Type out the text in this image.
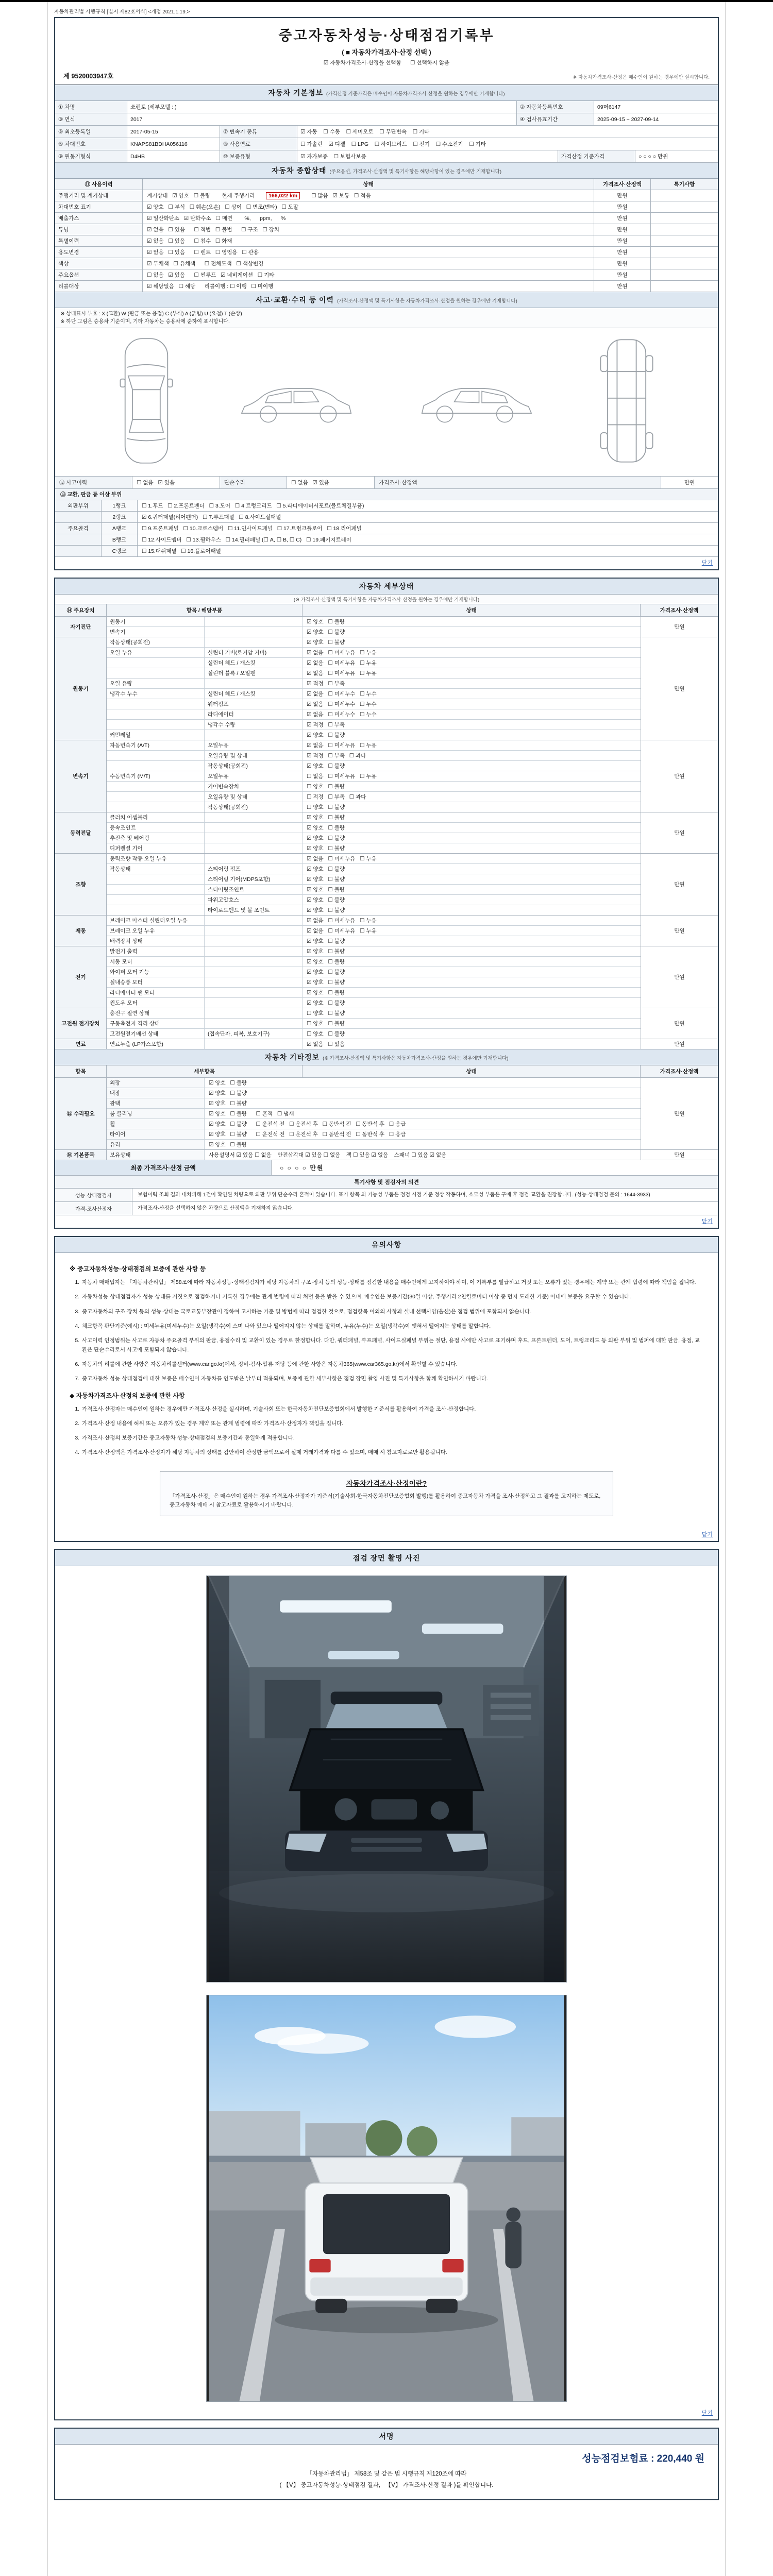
자동차관리법 시행규칙 [별지 제82호서식] <개정 2021.1.19.>
중고자동차성능·상태점검기록부
( ■ 자동차가격조사·산정 선택 )
☑ 자동차가격조사·산정을 선택함      ☐ 선택하지 않음
제 9520003947호	※ 자동차가격조사·산정은 매수인이 원하는 경우에만 실시합니다.
자동차 기본정보 (가격산정 기준가격은 매수인이 자동차가격조사·산정을 원하는 경우에만 기재합니다)
① 차명	쏘렌토 (세부모델 : )	② 자동차등록번호	09머6147
③ 연식	2017	④ 검사유효기간	2025-09-15 ~ 2027-09-14
⑤ 최초등록일	2017-05-15	⑦ 변속기 종류	☑ 자동    ☐ 수동    ☐ 세미오토    ☐ 무단변속    ☐ 기타
⑥ 차대번호	KNAPS81BDHA056116	⑧ 사용연료	☐ 가솔린    ☑ 디젤    ☐ LPG    ☐ 하이브리드    ☐ 전기    ☐ 수소전기    ☐ 기타
⑨ 원동기형식	D4HB	⑩ 보증유형	☑ 자가보증    ☐ 보험사보증	가격산정 기준가격	○ ○ ○ ○ 만원
자동차 종합상태 (주요옵션, 가격조사·산정액 및 특기사항은 해당사항이 있는 경우에만 기재합니다)
⑪ 사용이력	상태	가격조사·산정액	특기사항
주행거리 및 계기상태	계기상태   ☑ 양호   ☐ 불량 현재 주행거리	166,022 km	☐ 많음   ☑ 보통   ☐ 적음	만원
차대번호 표기	☑ 양호   ☐ 부식   ☐ 훼손(오손)   ☐ 상이   ☐ 변조(변타)   ☐ 도말	만원
배출가스	☑ 일산화탄소   ☑ 탄화수소   ☐ 매연        %,      ppm,      %	만원
튜닝	☑ 없음   ☐ 있음      ☐ 적법   ☐ 불법      ☐ 구조   ☐ 장치	만원
특별이력	☑ 없음   ☐ 있음      ☐ 침수   ☐ 화재	만원
용도변경	☑ 없음   ☐ 있음      ☐ 렌트   ☐ 영업용   ☐ 관용	만원
색상	☑ 무채색   ☐ 유채색      ☐ 전체도색   ☐ 색상변경	만원
주요옵션	☐ 없음   ☑ 있음      ☐ 썬루프   ☑ 네비게이션   ☐ 기타	만원
리콜대상	☑ 해당없음   ☐ 해당      리콜이행 : ☐ 이행   ☐ 미이행	만원
사고·교환·수리 등 이력 (가격조사·산정액 및 특기사항은 자동차가격조사·산정을 원하는 경우에만 기재합니다)
※ 상태표시 부호 : X (교환) W (판금 또는 용접) C (부식) A (긁힘) U (요철) T (손상)
※ 하단 그림은 승용차 기준이며, 기타 자동차는 승용차에 준하여 표시합니다.
⑫ 사고이력	☐ 없음   ☑ 있음	단순수리	☐ 없음   ☑ 있음	가격조사·산정액	만원
⑬ 교환, 판금 등 이상 부위
외판부위	1랭크	☐ 1.후드   ☐ 2.프론트펜더   ☐ 3.도어   ☐ 4.트렁크리드   ☐ 5.라디에이터서포트(볼트체결부품)
2랭크	☑ 6.쿼터패널(리어펜더)   ☐ 7.루프패널   ☐ 8.사이드실패널
주요골격	A랭크	☐ 9.프론트패널   ☐ 10.크로스멤버   ☐ 11.인사이드패널   ☐ 17.트렁크플로어   ☐ 18.리어패널
B랭크	☐ 12.사이드멤버   ☐ 13.휠하우스   ☐ 14.필러패널 (☐ A, ☐ B, ☐ C)   ☐ 19.패키지트레이
C랭크	☐ 15.대쉬패널   ☐ 16.플로어패널
닫기
자동차 세부상태
(※ 가격조사·산정액 및 특기사항은 자동차가격조사·산정을 원하는 경우에만 기재합니다)
⑭ 주요장치	항목 / 해당부품	상태	가격조사·산정액
자기진단
원동기	☑ 양호   ☐ 불량
변속기	☑ 양호   ☐ 불량
만원
원동기
작동상태(공회전)	☑ 양호   ☐ 불량
오일 누유	실린더 커버(로커암 커버)	☑ 없음   ☐ 미세누유   ☐ 누유
실린더 헤드 / 개스킷	☑ 없음   ☐ 미세누유   ☐ 누유
실린더 블록 / 오일팬	☑ 없음   ☐ 미세누유   ☐ 누유
오일 유량	☑ 적정   ☐ 부족
냉각수 누수	실린더 헤드 / 개스킷	☑ 없음   ☐ 미세누수   ☐ 누수
워터펌프	☑ 없음   ☐ 미세누수   ☐ 누수
라디에이터	☑ 없음   ☐ 미세누수   ☐ 누수
냉각수 수량	☑ 적정   ☐ 부족
커먼레일	☑ 양호   ☐ 불량
만원
변속기
자동변속기 (A/T)	오일누유	☑ 없음   ☐ 미세누유   ☐ 누유
오일유량 및 상태	☑ 적정   ☐ 부족   ☐ 과다
작동상태(공회전)	☑ 양호   ☐ 불량
수동변속기 (M/T)	오일누유	☐ 없음   ☐ 미세누유   ☐ 누유
기어변속장치	☐ 양호   ☐ 불량
오일유량 및 상태	☐ 적정   ☐ 부족   ☐ 과다
작동상태(공회전)	☐ 양호   ☐ 불량
만원
동력전달
클러치 어셈블리	☑ 양호   ☐ 불량
등속조인트	☑ 양호   ☐ 불량
추진축 및 베어링	☑ 양호   ☐ 불량
디퍼렌셜 기어	☑ 양호   ☐ 불량
만원
조향
동력조향 작동 오일 누유	☑ 없음   ☐ 미세누유   ☐ 누유
작동상태	스티어링 펌프	☑ 양호   ☐ 불량
스티어링 기어(MDPS포함)	☑ 양호   ☐ 불량
스티어링조인트	☑ 양호   ☐ 불량
파워고압호스	☑ 양호   ☐ 불량
타이로드엔드 및 볼 조인트	☑ 양호   ☐ 불량
만원
제동
브레이크 마스터 실린더오일 누유	☑ 없음   ☐ 미세누유   ☐ 누유
브레이크 오일 누유	☑ 없음   ☐ 미세누유   ☐ 누유
배력장치 상태	☑ 양호   ☐ 불량
만원
전기
발전기 출력	☑ 양호   ☐ 불량
시동 모터	☑ 양호   ☐ 불량
와이퍼 모터 기능	☑ 양호   ☐ 불량
실내송풍 모터	☑ 양호   ☐ 불량
라디에이터 팬 모터	☑ 양호   ☐ 불량
윈도우 모터	☑ 양호   ☐ 불량
만원
고전원 전기장치
충전구 절연 상태	☐ 양호   ☐ 불량
구동축전지 격리 상태	☐ 양호   ☐ 불량
고전원전기배선 상태	(접속단자, 피복, 보호기구)	☐ 양호   ☐ 불량
만원
연료	연료누출 (LP가스포함)	☑ 없음   ☐ 있음	만원
자동차 기타정보 (※ 가격조사·산정액 및 특기사항은 자동차가격조사·산정을 원하는 경우에만 기재합니다)
항목	세부항목	상태	가격조사·산정액
⑮ 수리필요
외장	☑ 양호   ☐ 불량
내장	☑ 양호   ☐ 불량
광택	☑ 양호   ☐ 불량
룸 클리닝	☑ 양호   ☐ 불량      ☐ 흔적   ☐ 냄새
휠	☑ 양호   ☐ 불량      ☐ 운전석 전   ☐ 운전석 후   ☐ 동반석 전   ☐ 동반석 후   ☐ 응급
타이어	☑ 양호   ☐ 불량      ☐ 운전석 전   ☐ 운전석 후   ☐ 동반석 전   ☐ 동반석 후   ☐ 응급
유리	☑ 양호   ☐ 불량
만원
⑯ 기본품목	보유상태	사용설명서 ☑ 있음 ☐ 없음    안전삼각대 ☑ 있음 ☐ 없음    잭 ☐ 있음 ☑ 없음    스패너 ☐ 있음 ☑ 없음	만원
최종 가격조사·산정 금액	○ ○ ○ ○ 만원
특기사항 및 점검자의 의견
성능·상태점검자	보험이력 조회 결과 내차피해 1건이 확인된 차량으로 외판 부위 단순수리 흔적이 있습니다. 표기 항목 외 기능성 부품은 점검 시점 기준 정상 작동하며, 소모성 부품은 구매 후 점검·교환을 권장합니다. (성능·상태점검 문의 : 1644-3933)
가격·조사산정자	가격조사·산정을 선택하지 않은 차량으로 산정액을 기재하지 않습니다.
닫기
유의사항
※ 중고자동차성능·상태점검의 보증에 관한 사항 등
1. 자동차 매매업자는 「자동차관리법」 제58조에 따라 자동차성능·상태점검자가 해당 자동차의 구조·장치 등의 성능·상태를 점검한 내용을 매수인에게 고지하여야 하며, 이 기록부를 발급하고 거짓 또는 오류가 있는 경우에는 계약 또는 관계 법령에 따라 책임을 집니다.
2. 자동차성능·상태점검자가 성능·상태를 거짓으로 점검하거나 기록한 경우에는 관계 법령에 따라 처벌 등을 받을 수 있으며, 매수인은 보증기간(30일 이상, 주행거리 2천킬로미터 이상 중 먼저 도래한 기준) 이내에 보증을 요구할 수 있습니다.
3. 중고자동차의 구조·장치 등의 성능·상태는 국토교통부장관이 정하여 고시하는 기준 및 방법에 따라 점검한 것으로, 점검항목 이외의 사항과 실내 선택사양(옵션)은 점검 범위에 포함되지 않습니다.
4. 체크항목 판단기준(예시) : 미세누유(미세누수)는 오일(냉각수)이 스며 나와 있으나 떨어지지 않는 상태를 말하며, 누유(누수)는 오일(냉각수)이 맺혀서 떨어지는 상태를 말합니다.
5. 사고이력 인정범위는 사고로 자동차 주요골격 부위의 판금, 용접수리 및 교환이 있는 경우로 한정합니다. 다만, 쿼터패널, 루프패널, 사이드실패널 부위는 절단, 용접 시에만 사고로 표기하며 후드, 프론트펜더, 도어, 트렁크리드 등 외판 부위 및 범퍼에 대한 판금, 용접, 교환은 단순수리로서 사고에 포함되지 않습니다.
6. 자동차의 리콜에 관한 사항은 자동차리콜센터(www.car.go.kr)에서, 정비·검사·압류·저당 등에 관한 사항은 자동차365(www.car365.go.kr)에서 확인할 수 있습니다.
7. 중고자동차 성능·상태점검에 대한 보증은 매수인이 자동차를 인도받은 날부터 적용되며, 보증에 관한 세부사항은 점검 장면 촬영 사진 및 특기사항을 함께 확인하시기 바랍니다.
◆ 자동차가격조사·산정의 보증에 관한 사항
1. 가격조사·산정자는 매수인이 원하는 경우에만 가격조사·산정을 실시하며, 기술사회 또는 한국자동차진단보증협회에서 발행한 기준서를 활용하여 가격을 조사·산정합니다.
2. 가격조사·산정 내용에 허위 또는 오류가 있는 경우 계약 또는 관계 법령에 따라 가격조사·산정자가 책임을 집니다.
3. 가격조사·산정의 보증기간은 중고자동차 성능·상태점검의 보증기간과 동일하게 적용합니다.
4. 가격조사·산정액은 가격조사·산정자가 해당 자동차의 상태를 감안하여 산정한 금액으로서 실제 거래가격과 다를 수 있으며, 매매 시 참고자료로만 활용됩니다.
자동차가격조사·산정이란?
「가격조사·산정」은 매수인이 원하는 경우 가격조사·산정자가 기준서(기술사회·한국자동차진단보증협회 발행)를 활용하여 중고자동차 가격을 조사·산정하고 그 결과를 고지하는 제도로, 중고자동차 매매 시 참고자료로 활용하시기 바랍니다.
닫기
점검 장면 촬영 사진
닫기
서명
성능점검보험료 : 220,440 원
「자동차관리법」 제58조 및 같은 법 시행규칙 제120조에 따라
( 【V】 중고자동차성능·상태점검 결과,   【V】 가격조사·산정 결과 )를 확인합니다.
